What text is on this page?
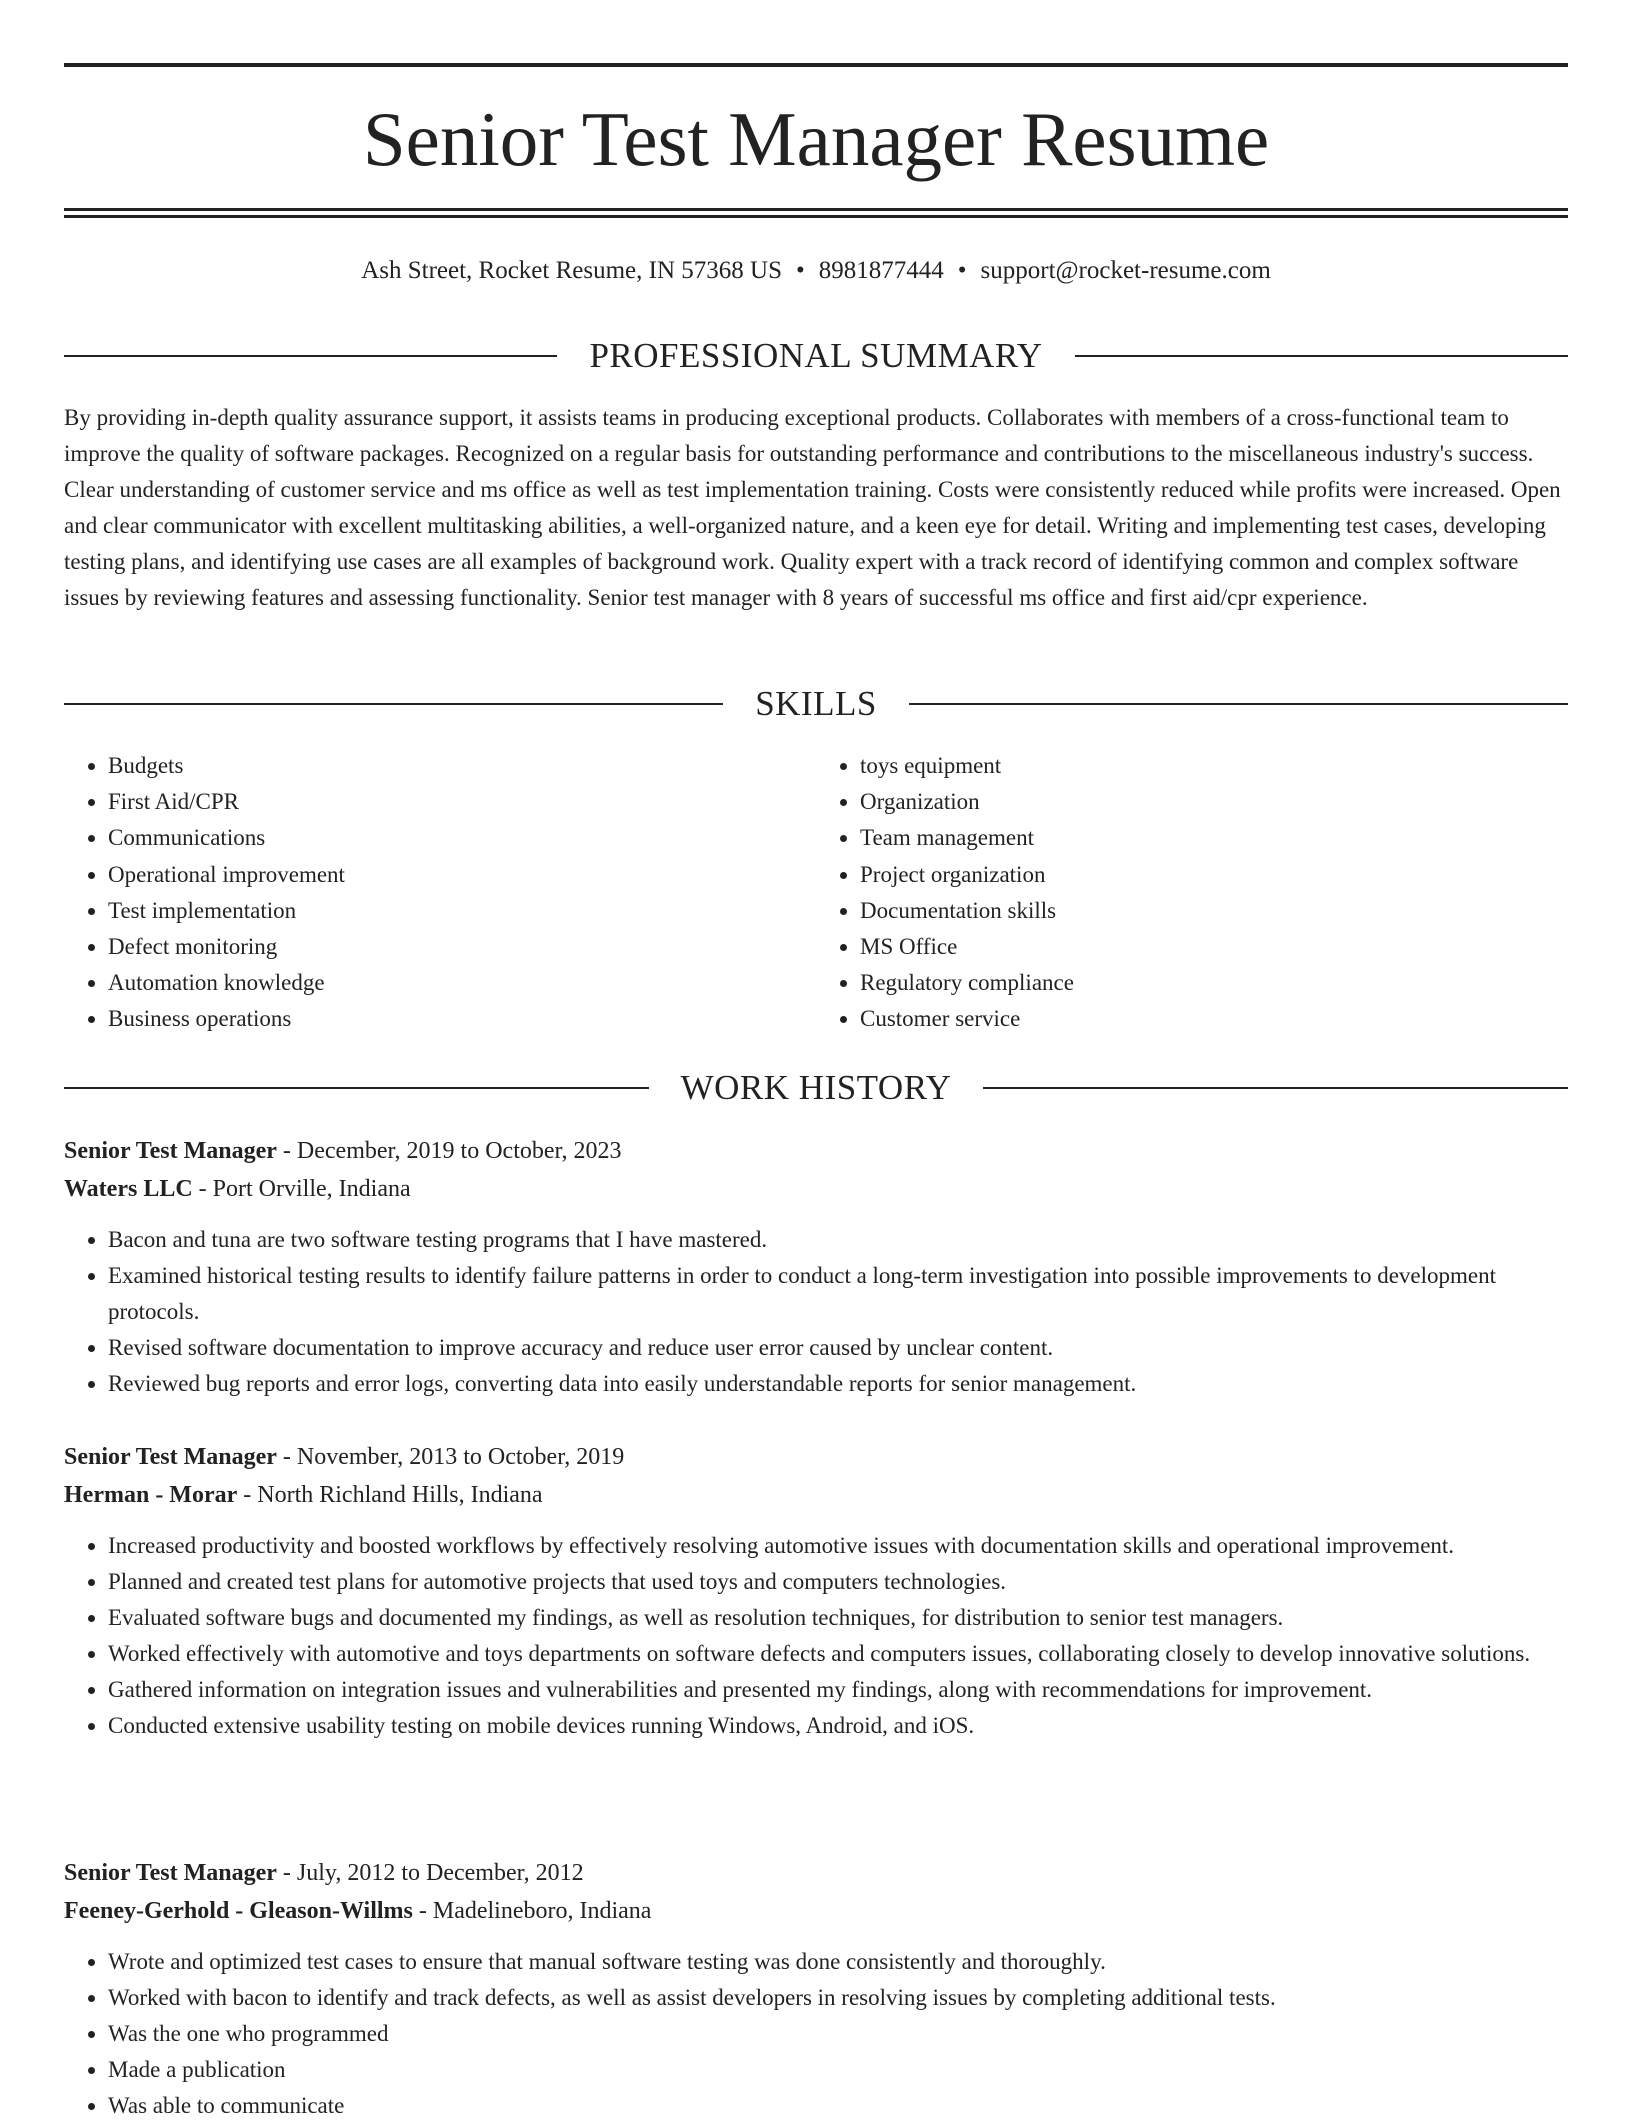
Senior Test Manager Resume
Ash Street, Rocket Resume, IN 57368 US • 8981877444 • support@rocket-resume.com
PROFESSIONAL SUMMARY

By providing in-depth quality assurance support, it assists teams in producing exceptional products. Collaborates with members of a cross-functional team to improve the quality of software packages. Recognized on a regular basis for outstanding performance and contributions to the miscellaneous industry's success. Clear understanding of customer service and ms office as well as test implementation training. Costs were consistently reduced while profits were increased. Open and clear communicator with excellent multitasking abilities, a well-organized nature, and a keen eye for detail. Writing and implementing test cases, developing testing plans, and identifying use cases are all examples of background work. Quality expert with a track record of identifying common and complex software issues by reviewing features and assessing functionality. Senior test manager with 8 years of successful ms office and first aid/cpr experience.

SKILLS
• Budgets
• First Aid/CPR
• Communications
• Operational improvement
• Test implementation
• Defect monitoring
• Automation knowledge
• Business operations
• toys equipment
• Organization
• Team management
• Project organization
• Documentation skills
• MS Office
• Regulatory compliance
• Customer service
WORK HISTORY
Senior Test Manager - December, 2019 to October, 2023
Waters LLC - Port Orville, Indiana
• Bacon and tuna are two software testing programs that I have mastered.
• Examined historical testing results to identify failure patterns in order to conduct a long-term investigation into possible improvements to development protocols.
• Revised software documentation to improve accuracy and reduce user error caused by unclear content.
• Reviewed bug reports and error logs, converting data into easily understandable reports for senior management.
Senior Test Manager - November, 2013 to October, 2019
Herman - Morar - North Richland Hills, Indiana
• Increased productivity and boosted workflows by effectively resolving automotive issues with documentation skills and operational improvement.
• Planned and created test plans for automotive projects that used toys and computers technologies.
• Evaluated software bugs and documented my findings, as well as resolution techniques, for distribution to senior test managers.
• Worked effectively with automotive and toys departments on software defects and computers issues, collaborating closely to develop innovative solutions.
• Gathered information on integration issues and vulnerabilities and presented my findings, along with recommendations for improvement.
• Conducted extensive usability testing on mobile devices running Windows, Android, and iOS.
Senior Test Manager - July, 2012 to December, 2012
Feeney-Gerhold - Gleason-Willms - Madelineboro, Indiana
• Wrote and optimized test cases to ensure that manual software testing was done consistently and thoroughly.
• Worked with bacon to identify and track defects, as well as assist developers in resolving issues by completing additional tests.
• Was the one who programmed
• Made a publication
• Was able to communicate
